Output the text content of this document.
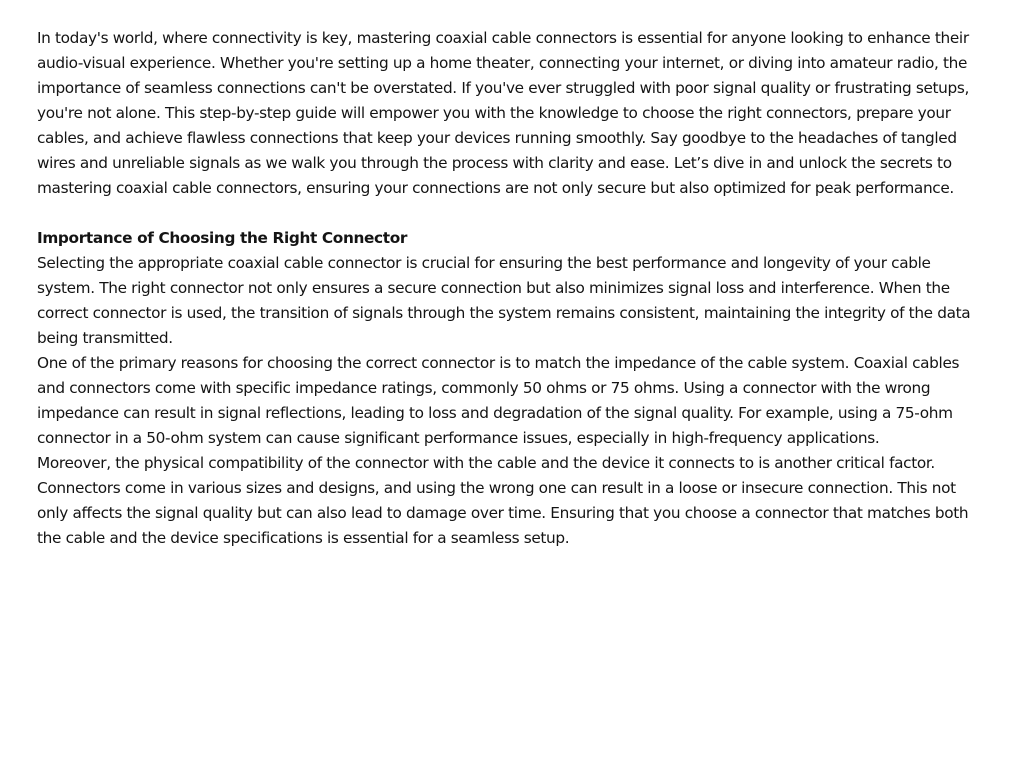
In today's world, where connectivity is key, mastering coaxial cable connectors is essential for anyone looking to enhance their audio-visual experience. Whether you're setting up a home theater, connecting your internet, or diving into amateur radio, the importance of seamless connections can't be overstated. If you've ever struggled with poor signal quality or frustrating setups, you're not alone. This step-by-step guide will empower you with the knowledge to choose the right connectors, prepare your cables, and achieve flawless connections that keep your devices running smoothly. Say goodbye to the headaches of tangled wires and unreliable signals as we walk you through the process with clarity and ease. Let’s dive in and unlock the secrets to mastering coaxial cable connectors, ensuring your connections are not only secure but also optimized for peak performance.

Importance of Choosing the Right Connector

Selecting the appropriate coaxial cable connector is crucial for ensuring the best performance and longevity of your cable system. The right connector not only ensures a secure connection but also minimizes signal loss and interference. When the correct connector is used, the transition of signals through the system remains consistent, maintaining the integrity of the data being transmitted.

One of the primary reasons for choosing the correct connector is to match the impedance of the cable system. Coaxial cables and connectors come with specific impedance ratings, commonly 50 ohms or 75 ohms. Using a connector with the wrong impedance can result in signal reflections, leading to loss and degradation of the signal quality. For example, using a 75-ohm connector in a 50-ohm system can cause significant performance issues, especially in high-frequency applications.

Moreover, the physical compatibility of the connector with the cable and the device it connects to is another critical factor. Connectors come in various sizes and designs, and using the wrong one can result in a loose or insecure connection. This not only affects the signal quality but can also lead to damage over time. Ensuring that you choose a connector that matches both the cable and the device specifications is essential for a seamless setup.
